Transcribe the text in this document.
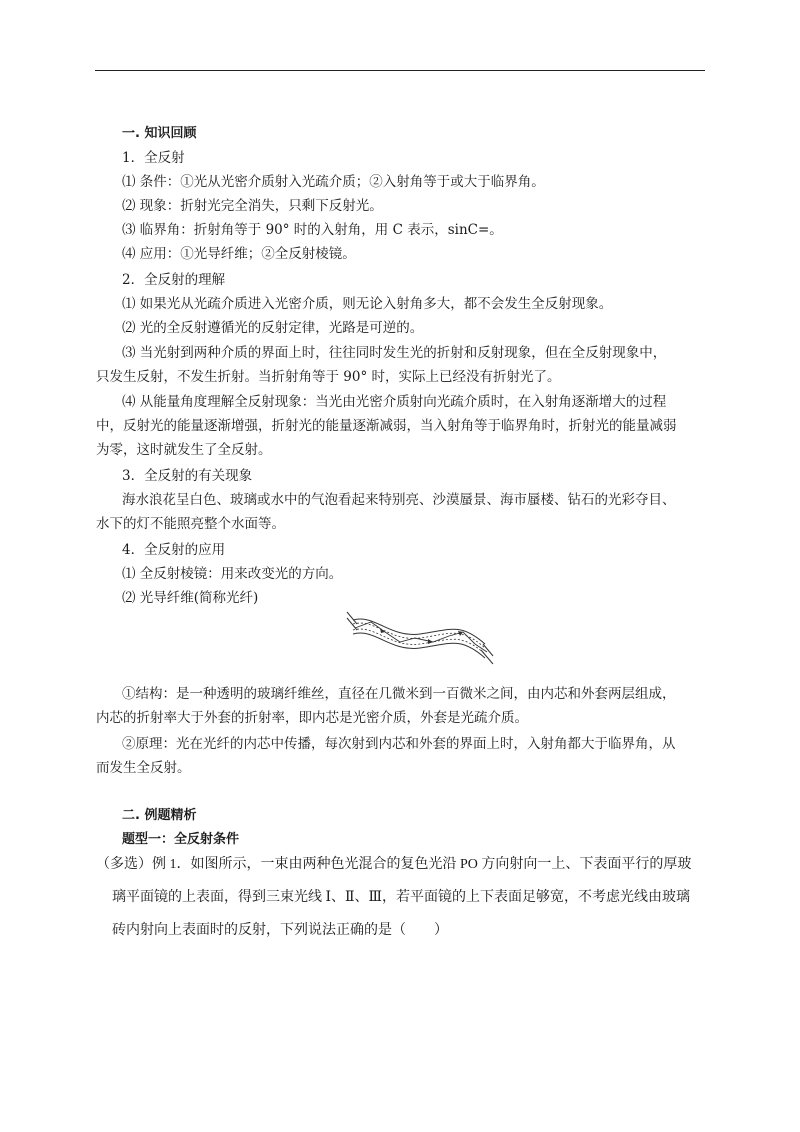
一. 知识回顾
1．全反射
⑴ 条件：①光从光密介质射入光疏介质；②入射角等于或大于临界角。
⑵ 现象：折射光完全消失，只剩下反射光。
⑶ 临界角：折射角等于 90° 时的入射角，用 C 表示，sinC=。
⑷ 应用：①光导纤维；②全反射棱镜。
2．全反射的理解
⑴ 如果光从光疏介质进入光密介质，则无论入射角多大，都不会发生全反射现象。
⑵ 光的全反射遵循光的反射定律，光路是可逆的。
⑶ 当光射到两种介质的界面上时，往往同时发生光的折射和反射现象，但在全反射现象中，
只发生反射，不发生折射。当折射角等于 90° 时，实际上已经没有折射光了。
⑷ 从能量角度理解全反射现象：当光由光密介质射向光疏介质时，在入射角逐渐增大的过程
中，反射光的能量逐渐增强，折射光的能量逐渐减弱，当入射角等于临界角时，折射光的能量减弱
为零，这时就发生了全反射。
3．全反射的有关现象
海水浪花呈白色、玻璃或水中的气泡看起来特别亮、沙漠蜃景、海市蜃楼、钻石的光彩夺目、
水下的灯不能照亮整个水面等。
4．全反射的应用
⑴ 全反射棱镜：用来改变光的方向。
⑵ 光导纤维(简称光纤)
①结构：是一种透明的玻璃纤维丝，直径在几微米到一百微米之间，由内芯和外套两层组成，
内芯的折射率大于外套的折射率，即内芯是光密介质，外套是光疏介质。
②原理：光在光纤的内芯中传播，每次射到内芯和外套的界面上时，入射角都大于临界角，从
而发生全反射。
二. 例题精析
题型一：全反射条件
（多选）例 1．如图所示，一束由两种色光混合的复色光沿 PO 方向射向一上、下表面平行的厚玻
璃平面镜的上表面，得到三束光线 Ⅰ、Ⅱ、Ⅲ，若平面镜的上下表面足够宽，不考虑光线由玻璃
砖内射向上表面时的反射，下列说法正确的是（　　）
